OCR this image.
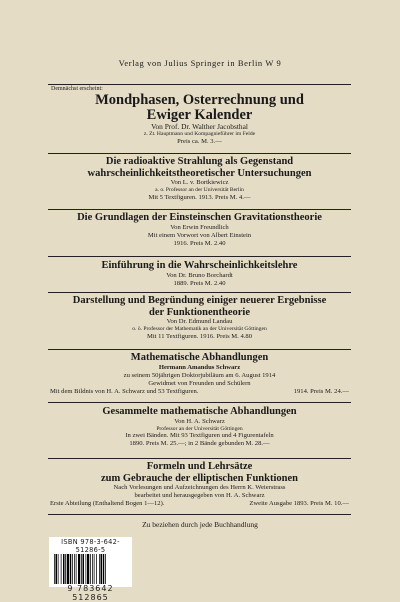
Verlag von Julius Springer in Berlin W 9
Demnächst erscheint:
Mondphasen, Osterrechnung und
Ewiger Kalender
Von Prof. Dr. Walther Jacobsthal
z. Zt. Hauptmann und Kompagnieführer im Felde
Preis ca. M. 3.—
Die radioaktive Strahlung als Gegenstand
wahrscheinlichkeitstheoretischer Untersuchungen
Von L. v. Bortkiewicz
a. o. Professor an der Universität Berlin
Mit 5 Textfiguren. 1913. Preis M. 4.—
Die Grundlagen der Einsteinschen Gravitationstheorie
Von Erwin Freundlich
Mit einem Vorwort von Albert Einstein
1916. Preis M. 2.40
Einführung in die Wahrscheinlichkeitslehre
Von Dr. Bruno Borchardt
1889. Preis M. 2.40
Darstellung und Begründung einiger neuerer Ergebnisse
der Funktionentheorie
Von Dr. Edmund Landau
o. ö. Professor der Mathematik an der Universität Göttingen
Mit 11 Textfiguren. 1916. Preis M. 4.80
Mathematische Abhandlungen
Hermann Amandus Schwarz
zu seinem 50jährigen Doktorjubiläum am 6. August 1914
Gewidmet von Freunden und Schülern
Mit dem Bildnis von H. A. Schwarz und 53 Textfiguren.	1914. Preis M. 24.—
Gesammelte mathematische Abhandlungen
Von H. A. Schwarz
Professor an der Universität Göttingen
In zwei Bänden. Mit 93 Textfiguren und 4 Figurentafeln
1890. Preis M. 25.—; in 2 Bände gebunden M. 28.—
Formeln und Lehrsätze
zum Gebrauche der elliptischen Funktionen
Nach Vorlesungen und Aufzeichnungen des Herrn K. Weierstrass
bearbeitet und herausgegeben von H. A. Schwarz
Erste Abteilung (Enthaltend Bogen 1—12).	Zweite Ausgabe 1893. Preis M. 10.—
Zu beziehen durch jede Buchhandlung
ISBN 978-3-642-51286-5
9 783642 512865
